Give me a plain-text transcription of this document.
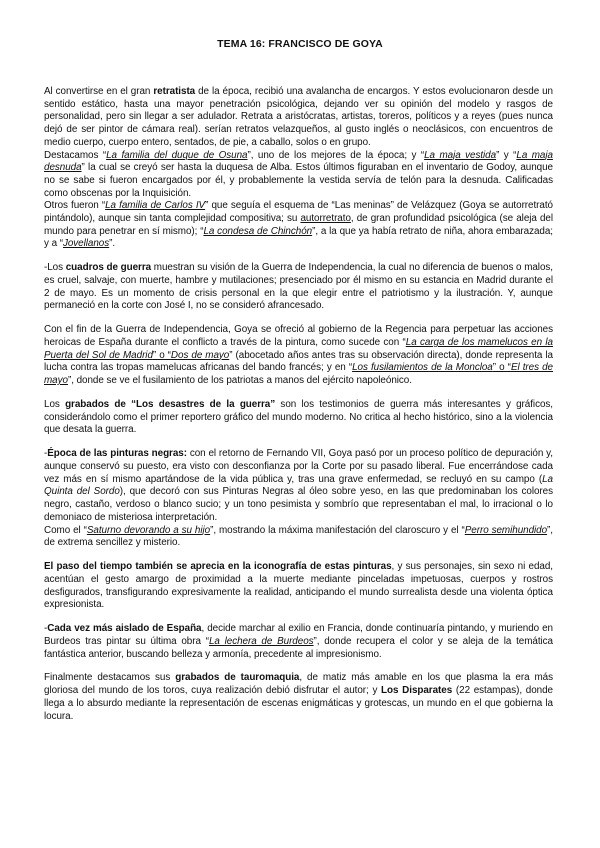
TEMA 16: FRANCISCO DE GOYA

Al convertirse en el gran retratista de la época, recibió una avalancha de encargos. Y estos evolucionaron desde un sentido estático, hasta una mayor penetración psicológica, dejando ver su opinión del modelo y rasgos de personalidad, pero sin llegar a ser adulador. Retrata a aristócratas, artistas, toreros, políticos y a reyes (pues nunca dejó de ser pintor de cámara real). serían retratos velazqueños, al gusto inglés o neoclásicos, con encuentros de medio cuerpo, cuerpo entero, sentados, de pie, a caballo, solos o en grupo.

Destacamos “La familia del duque de Osuna”, uno de los mejores de la época; y “La maja vestida” y “La maja desnuda” la cual se creyó ser hasta la duquesa de Alba. Estos últimos figuraban en el inventario de Godoy, aunque no se sabe si fueron encargados por él, y probablemente la vestida servía de telón para la desnuda. Calificadas como obscenas por la Inquisición.

Otros fueron “La familia de Carlos IV” que seguía el esquema de “Las meninas” de Velázquez (Goya se autorretrató pintándolo), aunque sin tanta complejidad compositiva; su autorretrato, de gran profundidad psicológica (se aleja del mundo para penetrar en sí mismo); “La condesa de Chinchón”, a la que ya había retrato de niña, ahora embarazada; y a “Jovellanos”.

-Los cuadros de guerra muestran su visión de la Guerra de Independencia, la cual no diferencia de buenos o malos, es cruel, salvaje, con muerte, hambre y mutilaciones; presenciado por él mismo en su estancia en Madrid durante el 2 de mayo. Es un momento de crisis personal en la que elegir entre el patriotismo y la ilustración. Y, aunque permaneció en la corte con José I, no se consideró afrancesado.

Con el fin de la Guerra de Independencia, Goya se ofreció al gobierno de la Regencia para perpetuar las acciones heroicas de España durante el conflicto a través de la pintura, como sucede con “La carga de los mamelucos en la Puerta del Sol de Madrid” o “Dos de mayo” (abocetado años antes tras su observación directa), donde representa la lucha contra las tropas mamelucas africanas del bando francés; y en “Los fusilamientos de la Moncloa” o “El tres de mayo”, donde se ve el fusilamiento de los patriotas a manos del ejército napoleónico.

Los grabados de “Los desastres de la guerra” son los testimonios de guerra más interesantes y gráficos, considerándolo como el primer reportero gráfico del mundo moderno. No critica al hecho histórico, sino a la violencia que desata la guerra.

-Época de las pinturas negras: con el retorno de Fernando VII, Goya pasó por un proceso político de depuración y, aunque conservó su puesto, era visto con desconfianza por la Corte por su pasado liberal. Fue encerrándose cada vez más en sí mismo apartándose de la vida pública y, tras una grave enfermedad, se recluyó en su campo (La Quinta del Sordo), que decoró con sus Pinturas Negras al óleo sobre yeso, en las que predominaban los colores negro, castaño, verdoso o blanco sucio; y un tono pesimista y sombrío que representaban el mal, lo irracional o lo demoniaco de misteriosa interpretación.

Como el “Saturno devorando a su hijo”, mostrando la máxima manifestación del claroscuro y el “Perro semihundido”, de extrema sencillez y misterio.

El paso del tiempo también se aprecia en la iconografía de estas pinturas, y sus personajes, sin sexo ni edad, acentúan el gesto amargo de proximidad a la muerte mediante pinceladas impetuosas, cuerpos y rostros desfigurados, transfigurando expresivamente la realidad, anticipando el mundo surrealista desde una violenta óptica expresionista.

-Cada vez más aislado de España, decide marchar al exilio en Francia, donde continuaría pintando, y muriendo en Burdeos tras pintar su última obra “La lechera de Burdeos”, donde recupera el color y se aleja de la temática fantástica anterior, buscando belleza y armonía, precedente al impresionismo.

Finalmente destacamos sus grabados de tauromaquia, de matiz más amable en los que plasma la era más gloriosa del mundo de los toros, cuya realización debió disfrutar el autor; y Los Disparates (22 estampas), donde llega a lo absurdo mediante la representación de escenas enigmáticas y grotescas, un mundo en el que gobierna la locura.
